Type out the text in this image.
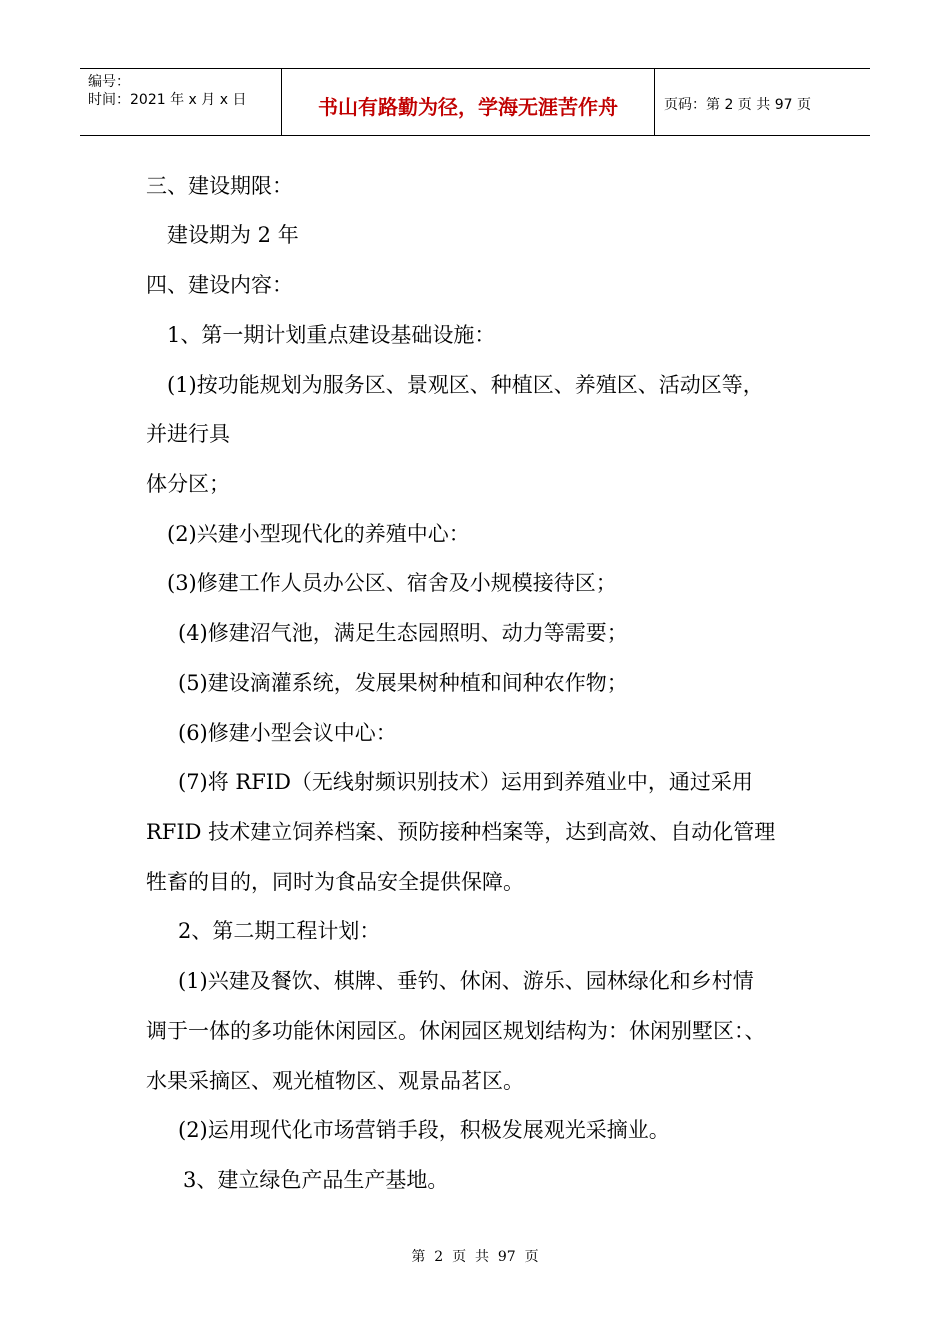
编号：
时间：2021 年 x 月 x 日	书山有路勤为径，学海无涯苦作舟	页码：第 2 页 共 97 页
三、建设期限：
建设期为 2 年
四、建设内容：
1、第一期计划重点建设基础设施：
(1)按功能规划为服务区、景观区、种植区、养殖区、活动区等，
并进行具
体分区；
(2)兴建小型现代化的养殖中心：
(3)修建工作人员办公区、宿舍及小规模接待区；
(4)修建沼气池，满足生态园照明、动力等需要；
(5)建设滴灌系统，发展果树种植和间种农作物；
(6)修建小型会议中心：
(7)将 RFID（无线射频识别技术）运用到养殖业中，通过采用
RFID 技术建立饲养档案、预防接种档案等，达到高效、自动化管理
牲畜的目的，同时为食品安全提供保障。
2、第二期工程计划：
(1)兴建及餐饮、棋牌、垂钓、休闲、游乐、园林绿化和乡村情
调于一体的多功能休闲园区。休闲园区规划结构为：休闲别墅区：、
水果采摘区、观光植物区、观景品茗区。
(2)运用现代化市场营销手段，积极发展观光采摘业。
3、建立绿色产品生产基地。
第  2  页  共  97  页
